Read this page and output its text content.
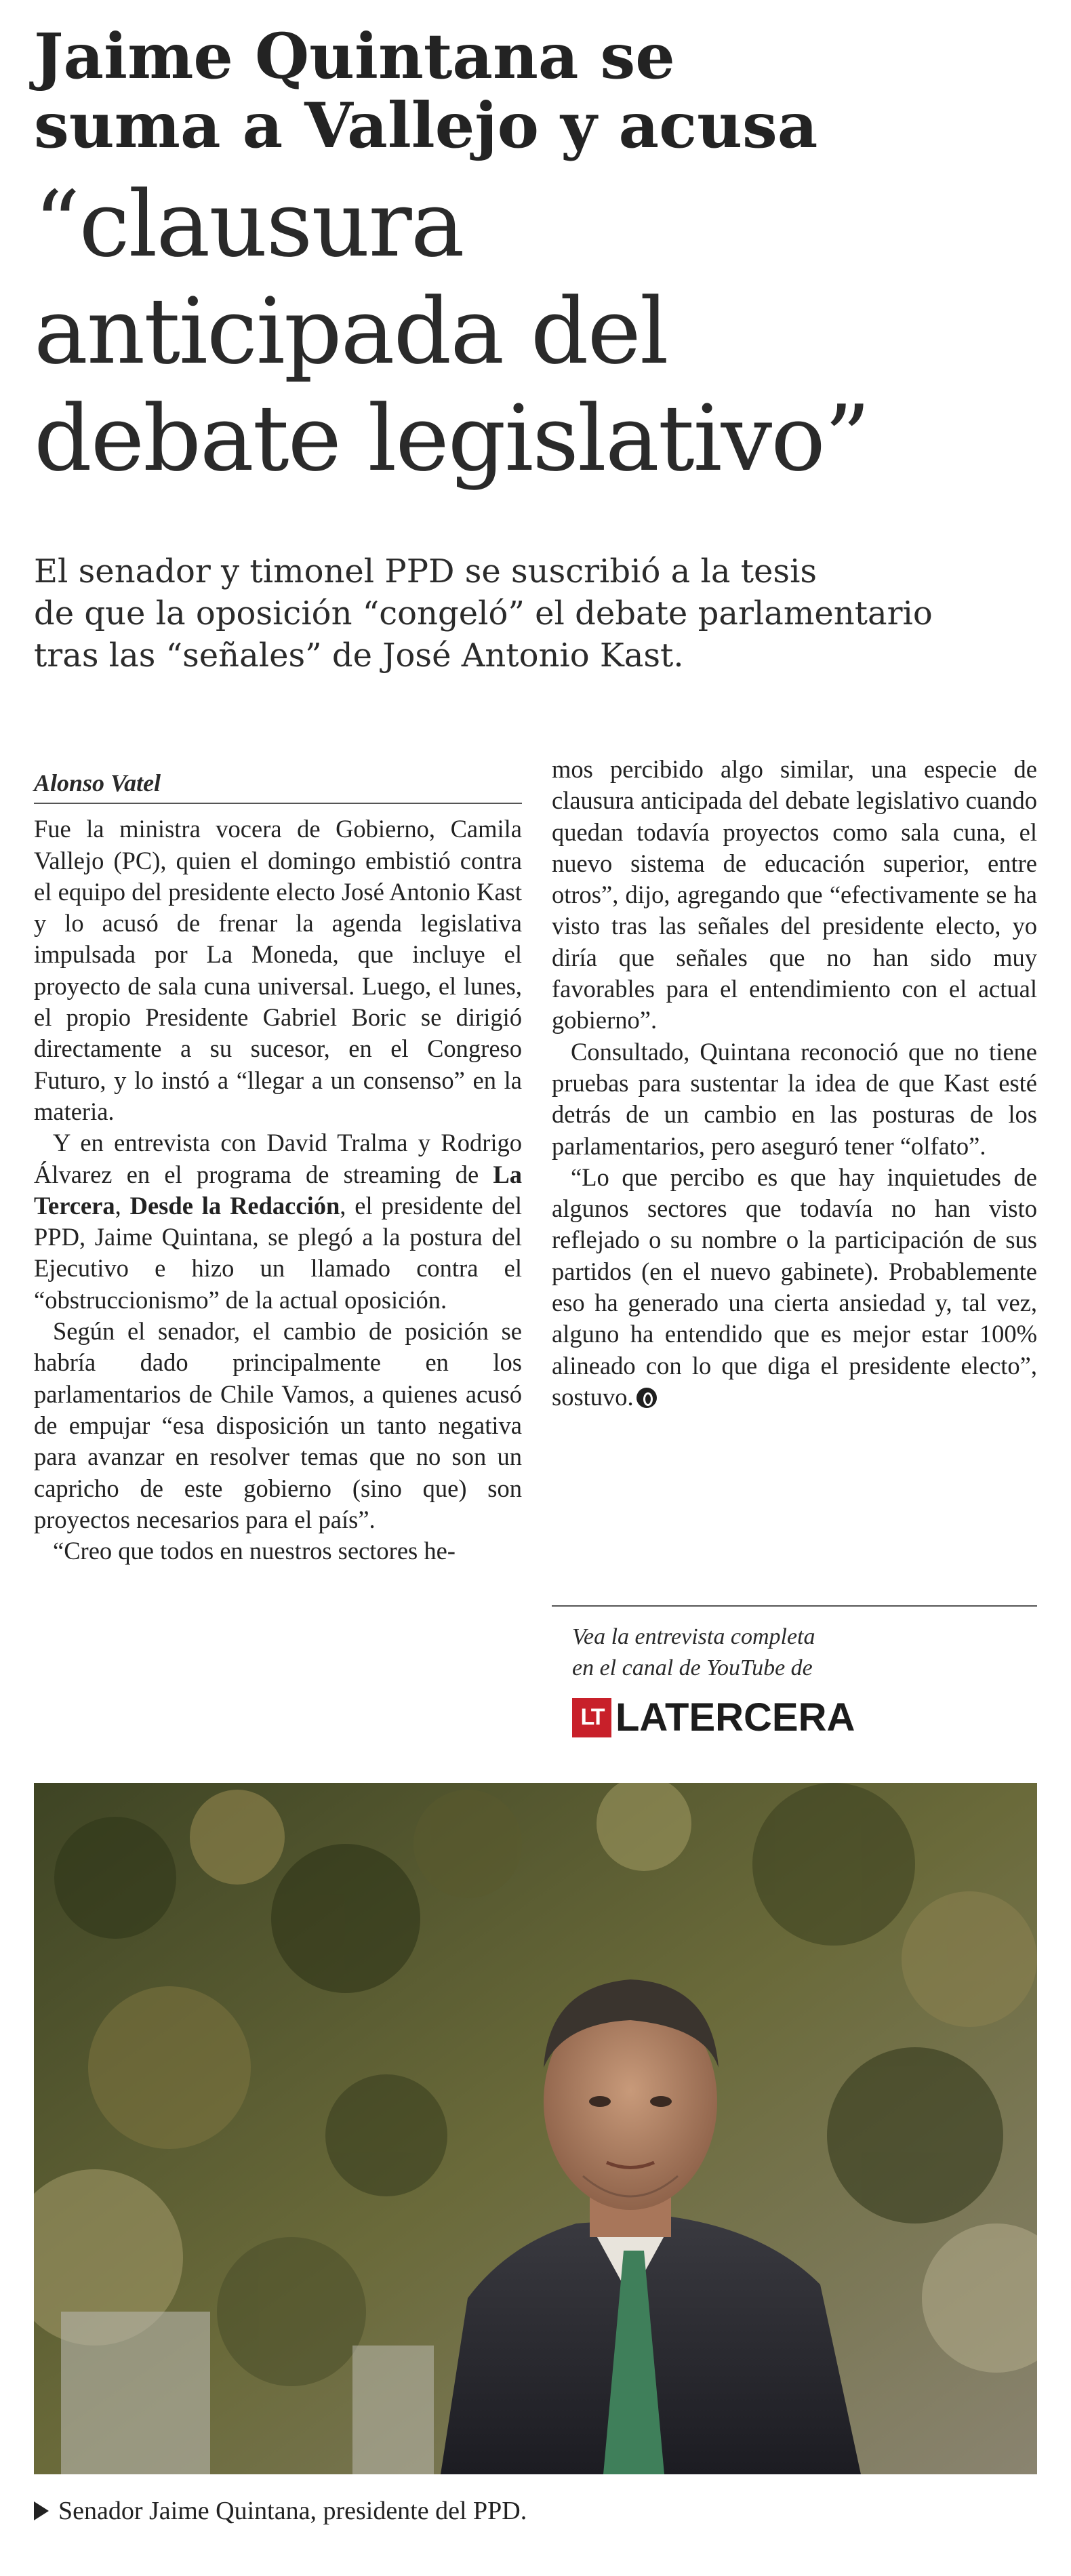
Jaime Quintana se
suma a Vallejo y acusa
“clausura
anticipada del
debate legislativo”

El senador y timonel PPD se suscribió a la tesis
de que la oposición “congeló” el debate parlamentario
tras las “señales” de José Antonio Kast.

Alonso Vatel

Fue la ministra vocera de Gobierno, Camila Vallejo (PC), quien el domingo embistió contra el equipo del presidente electo José Antonio Kast y lo acusó de frenar la agenda legislativa impulsada por La Moneda, que incluye el proyecto de sala cuna universal. Luego, el lunes, el propio Presidente Gabriel Boric se dirigió directamente a su sucesor, en el Congreso Futuro, y lo instó a “llegar a un consenso” en la materia.

Y en entrevista con David Tralma y Rodrigo Álvarez en el programa de streaming de La Tercera, Desde la Redacción, el presidente del PPD, Jaime Quintana, se plegó a la postura del Ejecutivo e hizo un llamado contra el “obstruccionismo” de la actual oposición.

Según el senador, el cambio de posición se habría dado principalmente en los parlamentarios de Chile Vamos, a quienes acusó de empujar “esa disposición un tanto negativa para avanzar en resolver temas que no son un capricho de este gobierno (sino que) son proyectos necesarios para el país”.

“Creo que todos en nuestros sectores he-

mos percibido algo similar, una especie de clausura anticipada del debate legislativo cuando quedan todavía proyectos como sala cuna, el nuevo sistema de educación superior, entre otros”, dijo, agregando que “efectivamente se ha visto tras las señales del presidente electo, yo diría que señales que no han sido muy favorables para el entendimiento con el actual gobierno”.

Consultado, Quintana reconoció que no tiene pruebas para sustentar la idea de que Kast esté detrás de un cambio en las posturas de los parlamentarios, pero aseguró tener “olfato”.

“Lo que percibo es que hay inquietudes de algunos sectores que todavía no han visto reflejado o su nombre o la participación de sus partidos (en el nuevo gabinete). Probablemente eso ha generado una cierta ansiedad y, tal vez, alguno ha entendido que es mejor estar 100% alineado con lo que diga el presidente electo”, sostuvo.

Vea la entrevista completa
en el canal de YouTube de
LT LATERCERA
Senador Jaime Quintana, presidente del PPD.
